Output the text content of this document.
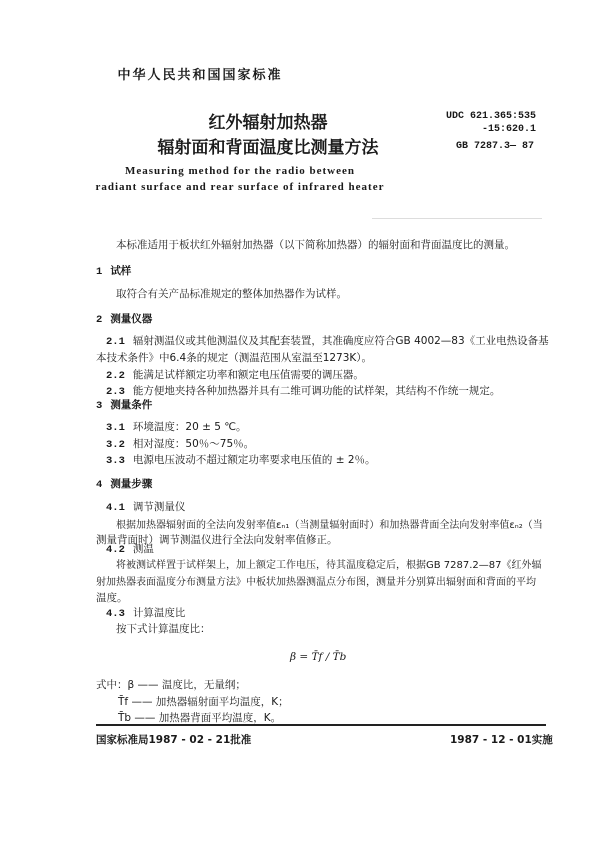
中华人民共和国国家标准
红外辐射加热器
辐射面和背面温度比测量方法
UDC 621.365:535
-15:620.1
GB 7287.3— 87
Measuring method for the radio between
radiant surface and rear surface of infrared heater
本标准适用于板状红外辐射加热器（以下简称加热器）的辐射面和背面温度比的测量。
1 试样
取符合有关产品标准规定的整体加热器作为试样。
2 测量仪器
2.1 辐射测温仪或其他测温仪及其配套装置，其准确度应符合GB 4002—83《工业电热设备基
本技术条件》中6.4条的规定（测温范围从室温至1273K）。
2.2 能满足试样额定功率和额定电压值需要的调压器。
2.3 能方便地夹持各种加热器并具有二维可调功能的试样架，其结构不作统一规定。
3 测量条件
3.1 环境温度：20 ± 5 ℃。
3.2 相对湿度：50％～75％。
3.3 电源电压波动不超过额定功率要求电压值的 ± 2％。
4 测量步骤
4.1 调节测量仪
根据加热器辐射面的全法向发射率值εₙ₁（当测量辐射面时）和加热器背面全法向发射率值εₙ₂（当
测量背面时）调节测温仪进行全法向发射率值修正。
4.2 测温
将被测试样置于试样架上，加上额定工作电压，待其温度稳定后，根据GB 7287.2—87《红外辐
射加热器表面温度分布测量方法》中板状加热器测温点分布图，测量并分别算出辐射面和背面的平均
温度。
4.3 计算温度比
按下式计算温度比：
β = T̄f / T̄b
式中：β —— 温度比，无量纲；
T̄f —— 加热器辐射面平均温度，K；
T̄b —— 加热器背面平均温度，K。
国家标准局1987 - 02 - 21批准	1987 - 12 - 01实施
